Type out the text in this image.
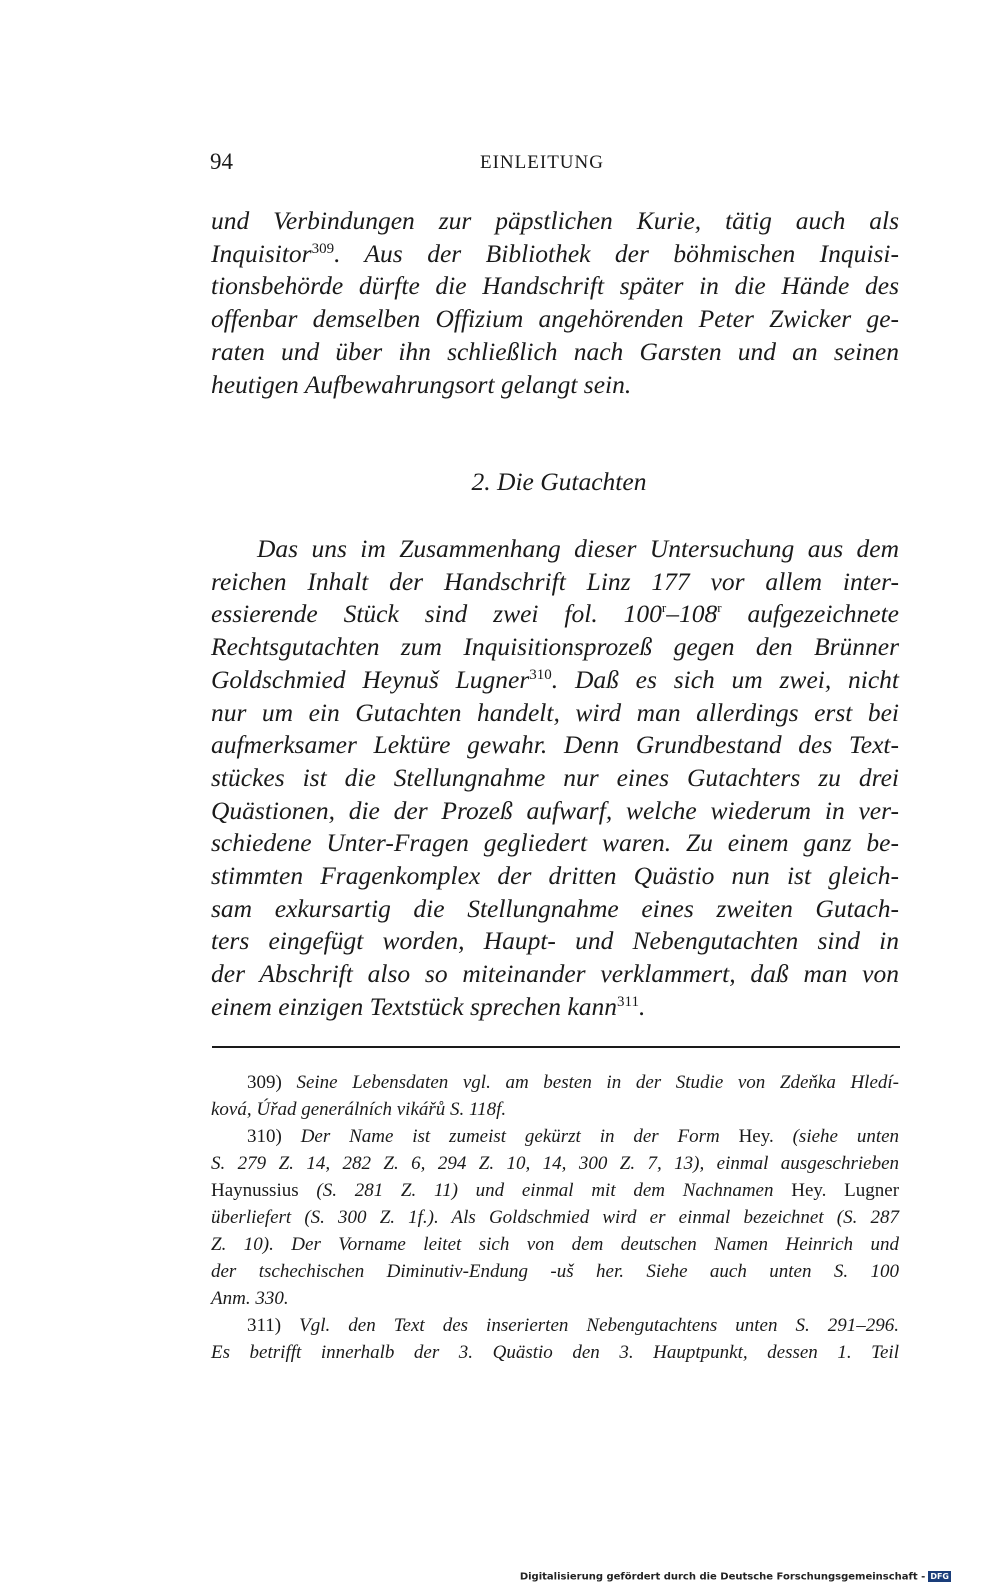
94	EINLEITUNG
und Verbindungen zur päpstlichen Kurie, tätig auch als
Inquisitor$^{309}$. Aus der Bibliothek der böhmischen Inquisi-
tionsbehörde dürfte die Handschrift später in die Hände des
offenbar demselben Offizium angehörenden Peter Zwicker ge-
raten und über ihn schließlich nach Garsten und an seinen
heutigen Aufbewahrungsort gelangt sein.
2. Die Gutachten
Das uns im Zusammenhang dieser Untersuchung aus dem
reichen Inhalt der Handschrift Linz 177 vor allem inter-
essierende Stück sind zwei fol. 100$^r$–108$^r$ aufgezeichnete
Rechtsgutachten zum Inquisitionsprozeß gegen den Brünner
Goldschmied Heynuš Lugner$^{310}$. Daß es sich um zwei, nicht
nur um ein Gutachten handelt, wird man allerdings erst bei
aufmerksamer Lektüre gewahr. Denn Grundbestand des Text-
stückes ist die Stellungnahme nur eines Gutachters zu drei
Quästionen, die der Prozeß aufwarf, welche wiederum in ver-
schiedene Unter-Fragen gegliedert waren. Zu einem ganz be-
stimmten Fragenkomplex der dritten Quästio nun ist gleich-
sam exkursartig die Stellungnahme eines zweiten Gutach-
ters eingefügt worden, Haupt- und Nebengutachten sind in
der Abschrift also so miteinander verklammert, daß man von
einem einzigen Textstück sprechen kann$^{311}$.
309) Seine Lebensdaten vgl. am besten in der Studie von Zdeňka Hledí-
ková, Úřad generálních vikářů S. 118f.
310) Der Name ist zumeist gekürzt in der Form Hey. (siehe unten
S. 279 Z. 14, 282 Z. 6, 294 Z. 10, 14, 300 Z. 7, 13), einmal ausgeschrieben
Haynussius (S. 281 Z. 11) und einmal mit dem Nachnamen Hey. Lugner
überliefert (S. 300 Z. 1f.). Als Goldschmied wird er einmal bezeichnet (S. 287
Z. 10). Der Vorname leitet sich von dem deutschen Namen Heinrich und
der tschechischen Diminutiv-Endung -uš her. Siehe auch unten S. 100
Anm. 330.
311) Vgl. den Text des inserierten Nebengutachtens unten S. 291–296.
Es betrifft innerhalb der 3. Quästio den 3. Hauptpunkt, dessen 1. Teil
Digitalisierung gefördert durch die Deutsche Forschungsgemeinschaft - DFG
